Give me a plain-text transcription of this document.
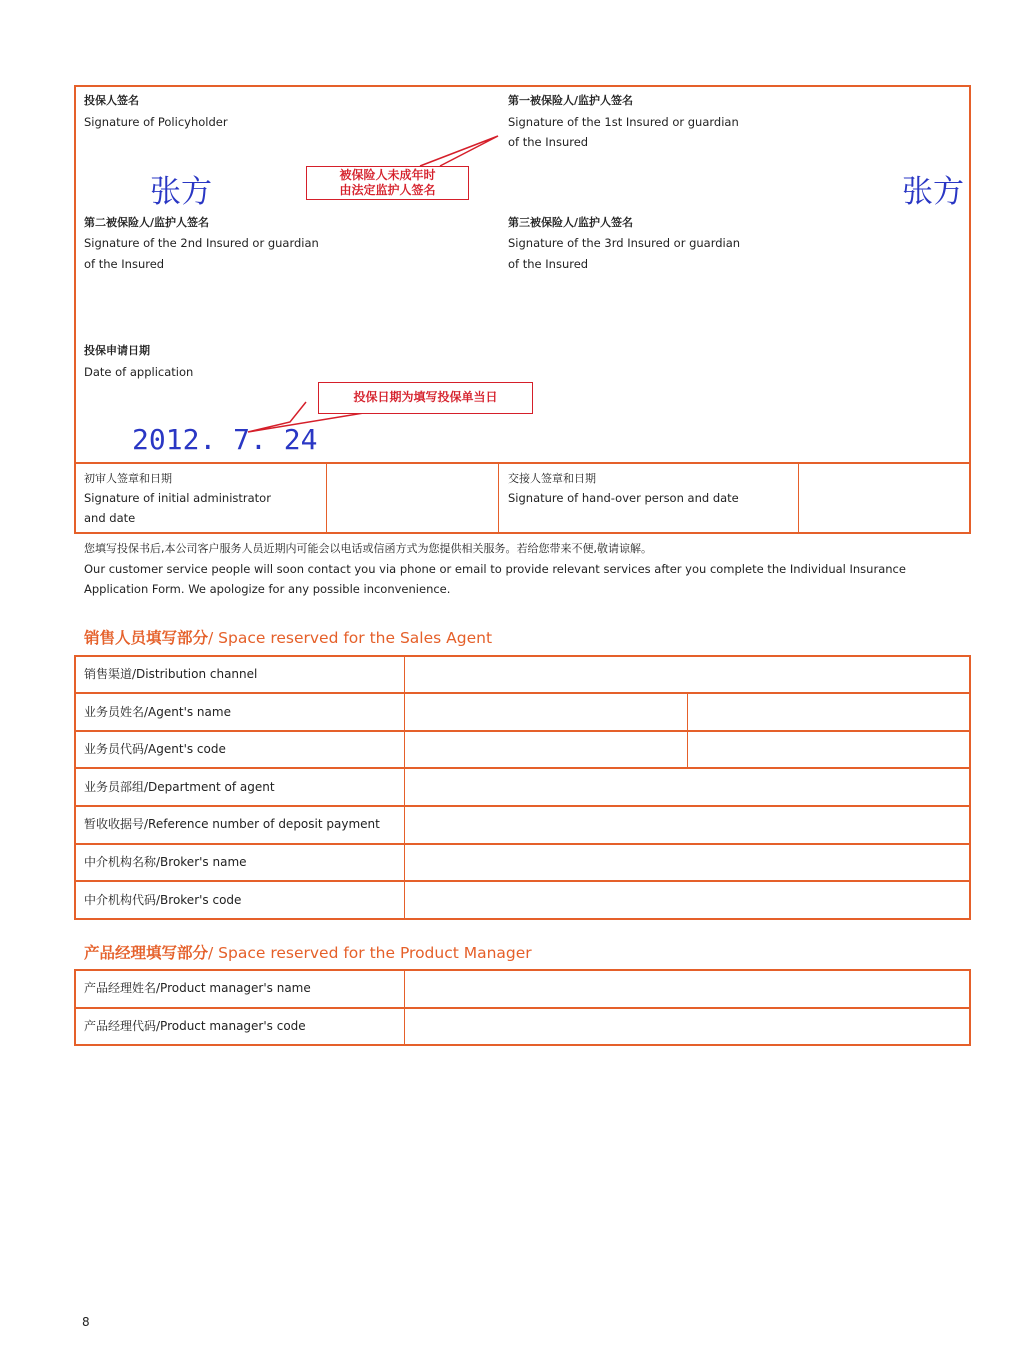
投保人签名
Signature of Policyholder
张方
第一被保险人/监护人签名
Signature of the 1st Insured or guardian
of the Insured
张方
被保险人未成年时
由法定监护人签名
第二被保险人/监护人签名
Signature of the 2nd Insured or guardian
of the Insured
第三被保险人/监护人签名
Signature of the 3rd Insured or guardian
of the Insured
投保申请日期
Date of application
投保日期为填写投保单当日
2012. 7. 24
初审人签章和日期
Signature of initial administrator
and date
交接人签章和日期
Signature of hand-over person and date
您填写投保书后,本公司客户服务人员近期内可能会以电话或信函方式为您提供相关服务。若给您带来不便,敬请谅解。
Our customer service people will soon contact you via phone or email to provide relevant services after you complete the Individual Insurance
Application Form. We apologize for any possible inconvenience.
销售人员填写部分/ Space reserved for the Sales Agent
销售渠道/Distribution channel
业务员姓名/Agent's name
业务员代码/Agent's code
业务员部组/Department of agent
暂收收据号/Reference number of deposit payment
中介机构名称/Broker's name
中介机构代码/Broker's code
产品经理填写部分/ Space reserved for the Product Manager
产品经理姓名/Product manager's name
产品经理代码/Product manager's code
8
